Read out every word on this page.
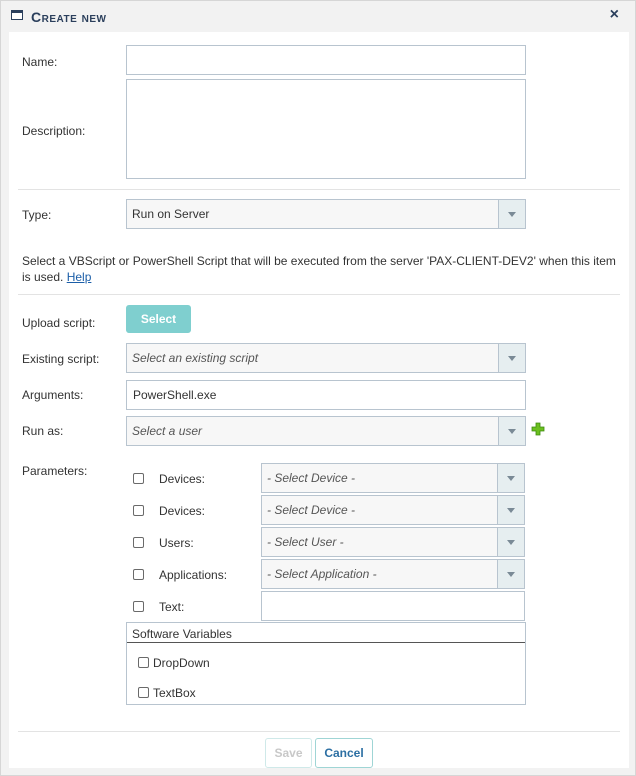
Create new	×
Name:
Description:
Type:	Run on Server
Select a VBScript or PowerShell Script that will be executed from the server 'PAX-CLIENT-DEV2' when this item is used. Help
Upload script:	Select
Existing script:	Select an existing script
Arguments:
PowerShell.exe
Run as:	Select a user
Parameters:
Devices:	- Select Device -
Devices:	- Select Device -
Users:	- Select User -
Applications:	- Select Application -
Text:
Software Variables
DropDown
TextBox
Save	Cancel
